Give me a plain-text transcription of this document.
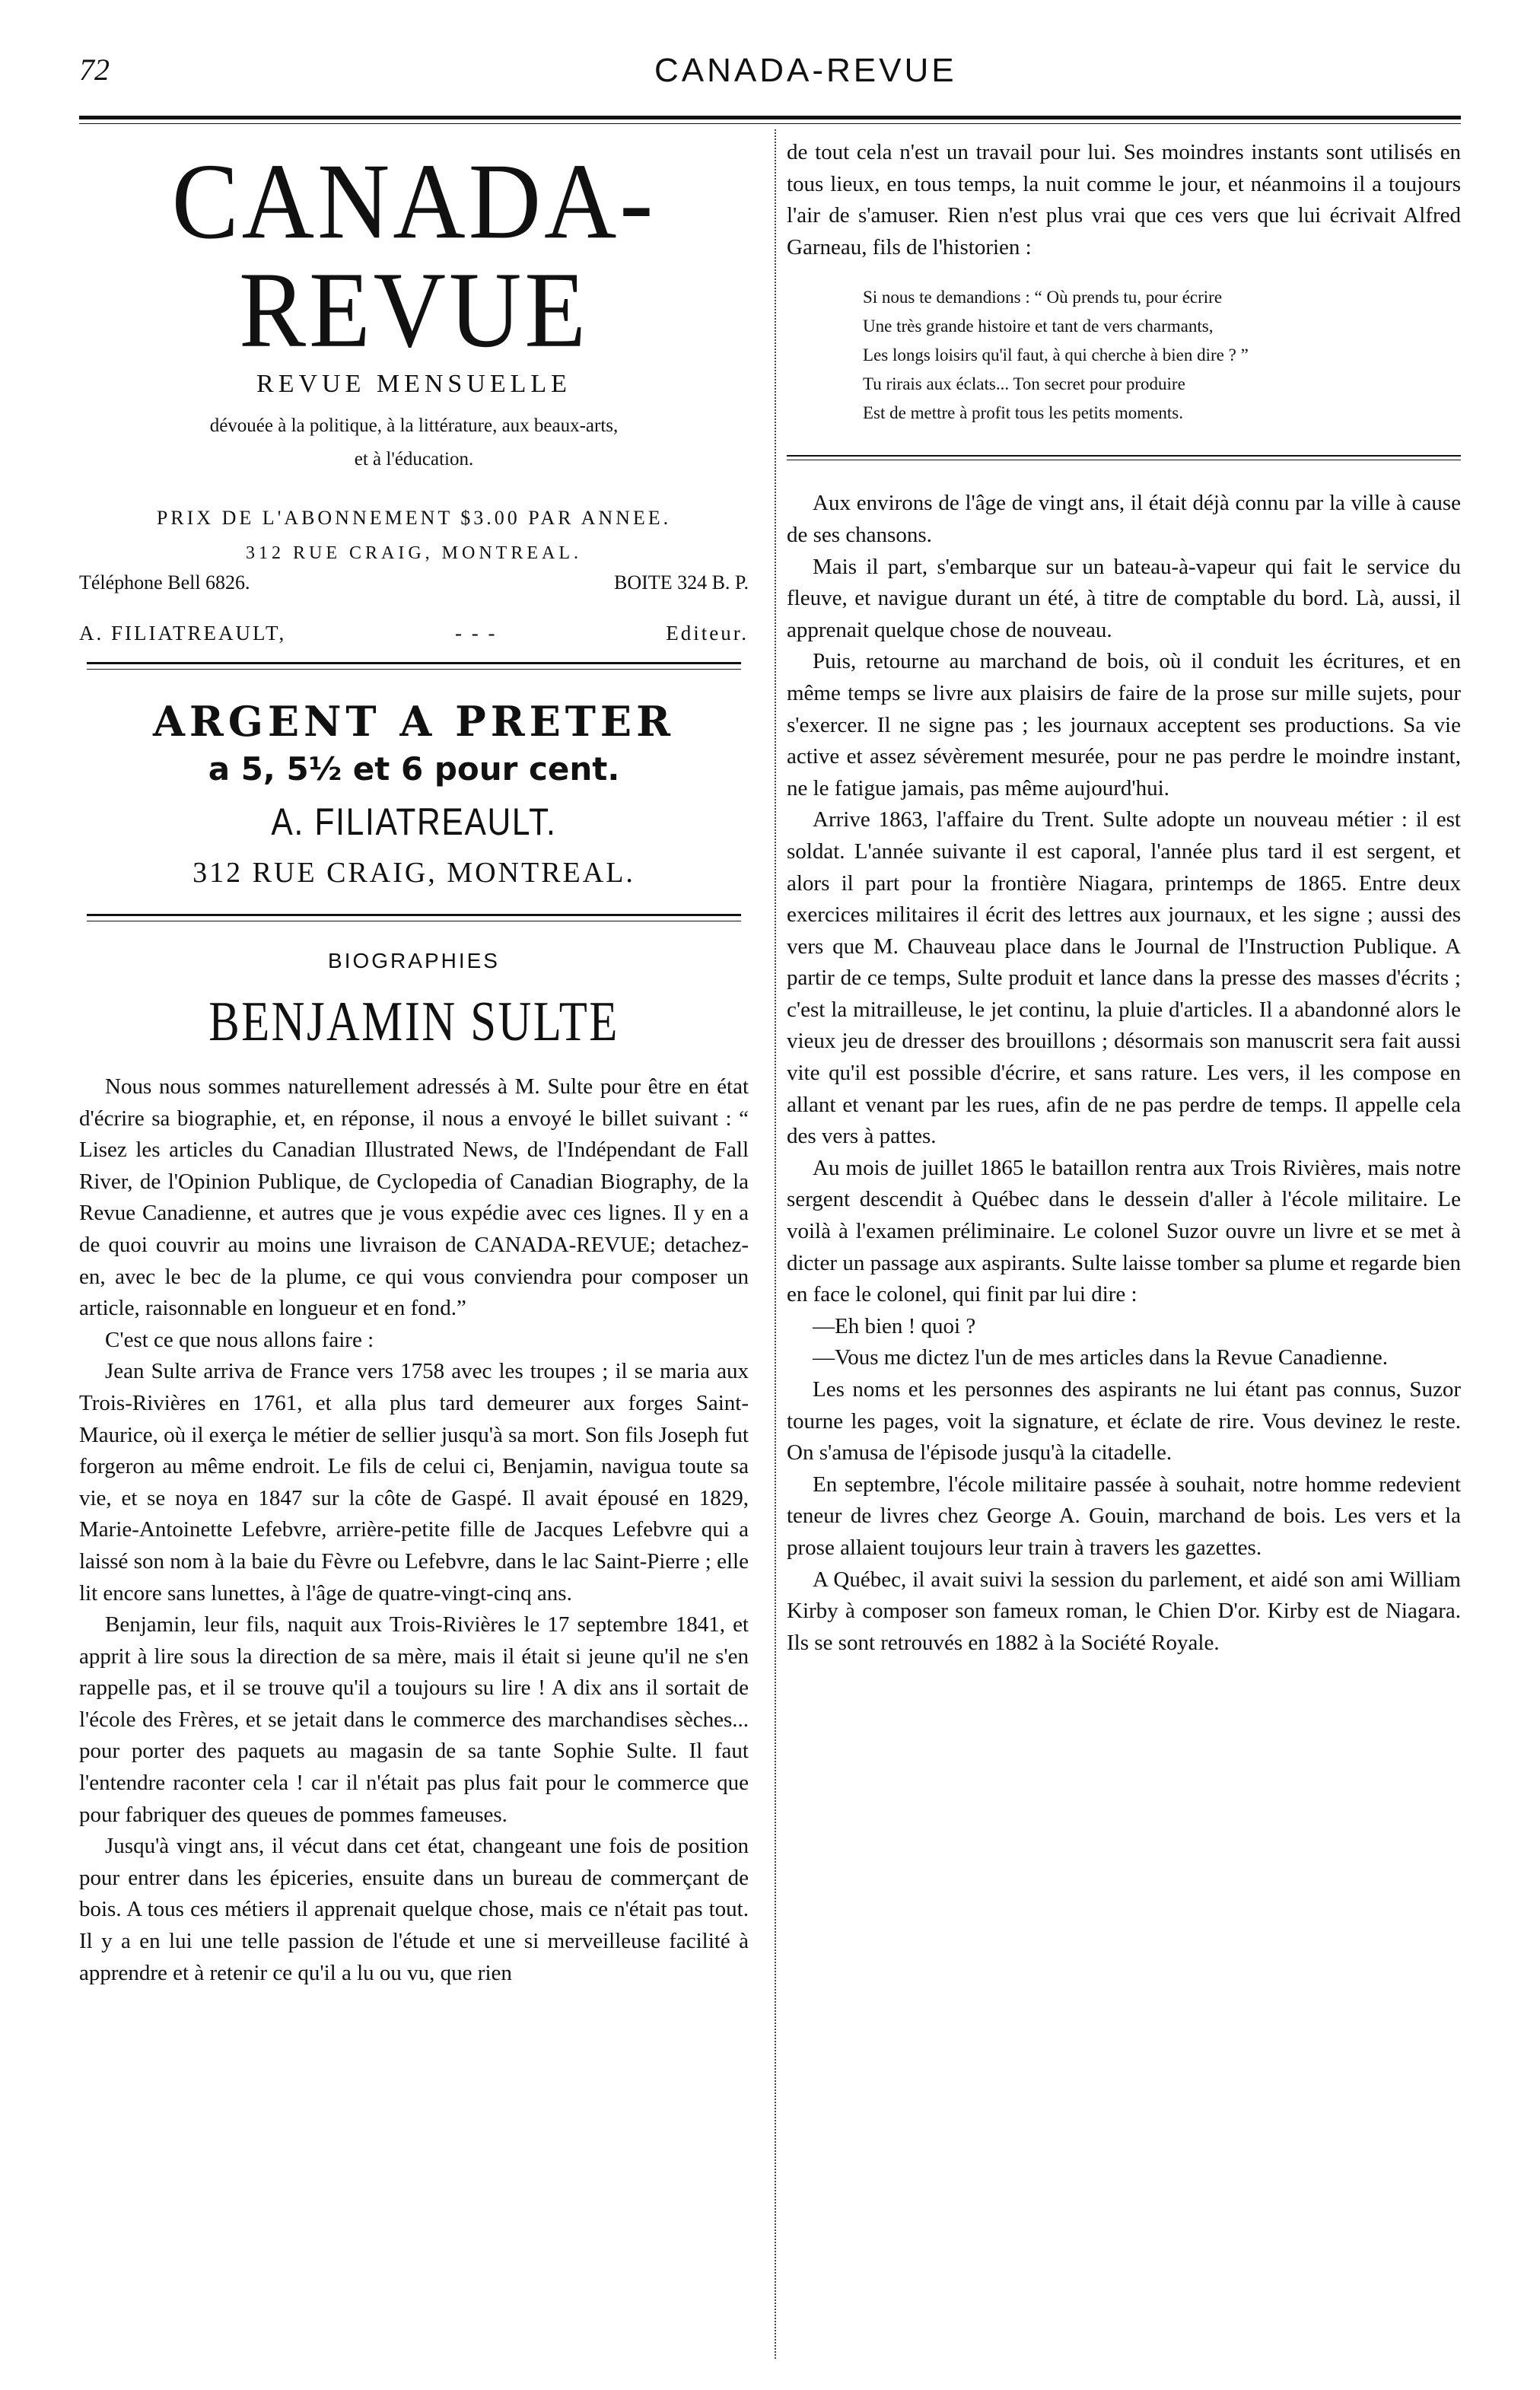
72	CANADA-REVUE
CANADA-REVUE
REVUE MENSUELLE
dévouée à la politique, à la littérature, aux beaux-arts,
et à l'éducation.
PRIX DE L'ABONNEMENT $3.00 PAR ANNEE.
312 RUE CRAIG, MONTREAL.
Téléphone Bell 6826.	BOITE 324 B. P.
A. FILIATREAULT,	- - -	Editeur.
ARGENT A PRETER
a 5, 5½ et 6 pour cent.
A. FILIATREAULT.
312 RUE CRAIG, MONTREAL.
BIOGRAPHIES
BENJAMIN SULTE

Nous nous sommes naturellement adressés à M. Sulte pour être en état d'écrire sa biographie, et, en réponse, il nous a envoyé le billet suivant : “ Lisez les articles du Canadian Illustrated News, de l'Indépendant de Fall River, de l'Opinion Publique, de Cyclopedia of Canadian Biography, de la Revue Canadienne, et autres que je vous expédie avec ces lignes. Il y en a de quoi couvrir au moins une livraison de CANADA-REVUE; detachez-en, avec le bec de la plume, ce qui vous conviendra pour composer un article, raisonnable en longueur et en fond.”

C'est ce que nous allons faire :

Jean Sulte arriva de France vers 1758 avec les troupes ; il se maria aux Trois-Rivières en 1761, et alla plus tard demeurer aux forges Saint-Maurice, où il exerça le métier de sellier jusqu'à sa mort. Son fils Joseph fut forgeron au même endroit. Le fils de celui ci, Benjamin, navigua toute sa vie, et se noya en 1847 sur la côte de Gaspé. Il avait épousé en 1829, Marie-Antoinette Lefebvre, arrière-petite fille de Jacques Lefebvre qui a laissé son nom à la baie du Fèvre ou Lefebvre, dans le lac Saint-Pierre ; elle lit encore sans lunettes, à l'âge de quatre-vingt-cinq ans.

Benjamin, leur fils, naquit aux Trois-Rivières le 17 septembre 1841, et apprit à lire sous la direction de sa mère, mais il était si jeune qu'il ne s'en rappelle pas, et il se trouve qu'il a toujours su lire ! A dix ans il sortait de l'école des Frères, et se jetait dans le commerce des marchandises sèches... pour porter des paquets au magasin de sa tante Sophie Sulte. Il faut l'entendre raconter cela ! car il n'était pas plus fait pour le commerce que pour fabriquer des queues de pommes fameuses.

Jusqu'à vingt ans, il vécut dans cet état, changeant une fois de position pour entrer dans les épiceries, ensuite dans un bureau de commerçant de bois. A tous ces métiers il apprenait quelque chose, mais ce n'était pas tout. Il y a en lui une telle passion de l'étude et une si merveilleuse facilité à apprendre et à retenir ce qu'il a lu ou vu, que rien

de tout cela n'est un travail pour lui. Ses moindres instants sont utilisés en tous lieux, en tous temps, la nuit comme le jour, et néanmoins il a toujours l'air de s'amuser. Rien n'est plus vrai que ces vers que lui écrivait Alfred Garneau, fils de l'historien :

Si nous te demandions : “ Où prends tu, pour écrire
Une très grande histoire et tant de vers charmants,
Les longs loisirs qu'il faut, à qui cherche à bien dire ? ”
Tu rirais aux éclats... Ton secret pour produire
Est de mettre à profit tous les petits moments.

Aux environs de l'âge de vingt ans, il était déjà connu par la ville à cause de ses chansons.

Mais il part, s'embarque sur un bateau-à-vapeur qui fait le service du fleuve, et navigue durant un été, à titre de comptable du bord. Là, aussi, il apprenait quelque chose de nouveau.

Puis, retourne au marchand de bois, où il conduit les écritures, et en même temps se livre aux plaisirs de faire de la prose sur mille sujets, pour s'exercer. Il ne signe pas ; les journaux acceptent ses productions. Sa vie active et assez sévèrement mesurée, pour ne pas perdre le moindre instant, ne le fatigue jamais, pas même aujourd'hui.

Arrive 1863, l'affaire du Trent. Sulte adopte un nouveau métier : il est soldat. L'année suivante il est caporal, l'année plus tard il est sergent, et alors il part pour la frontière Niagara, printemps de 1865. Entre deux exercices militaires il écrit des lettres aux journaux, et les signe ; aussi des vers que M. Chauveau place dans le Journal de l'Instruction Publique. A partir de ce temps, Sulte produit et lance dans la presse des masses d'écrits ; c'est la mitrailleuse, le jet continu, la pluie d'articles. Il a abandonné alors le vieux jeu de dresser des brouillons ; désormais son manuscrit sera fait aussi vite qu'il est possible d'écrire, et sans rature. Les vers, il les compose en allant et venant par les rues, afin de ne pas perdre de temps. Il appelle cela des vers à pattes.

Au mois de juillet 1865 le bataillon rentra aux Trois Rivières, mais notre sergent descendit à Québec dans le dessein d'aller à l'école militaire. Le voilà à l'examen préliminaire. Le colonel Suzor ouvre un livre et se met à dicter un passage aux aspirants. Sulte laisse tomber sa plume et regarde bien en face le colonel, qui finit par lui dire :

—Eh bien ! quoi ?

—Vous me dictez l'un de mes articles dans la Revue Canadienne.

Les noms et les personnes des aspirants ne lui étant pas connus, Suzor tourne les pages, voit la signature, et éclate de rire. Vous devinez le reste. On s'amusa de l'épisode jusqu'à la citadelle.

En septembre, l'école militaire passée à souhait, notre homme redevient teneur de livres chez George A. Gouin, marchand de bois. Les vers et la prose allaient toujours leur train à travers les gazettes.

A Québec, il avait suivi la session du parlement, et aidé son ami William Kirby à composer son fameux roman, le Chien D'or. Kirby est de Niagara. Ils se sont retrouvés en 1882 à la Société Royale.
